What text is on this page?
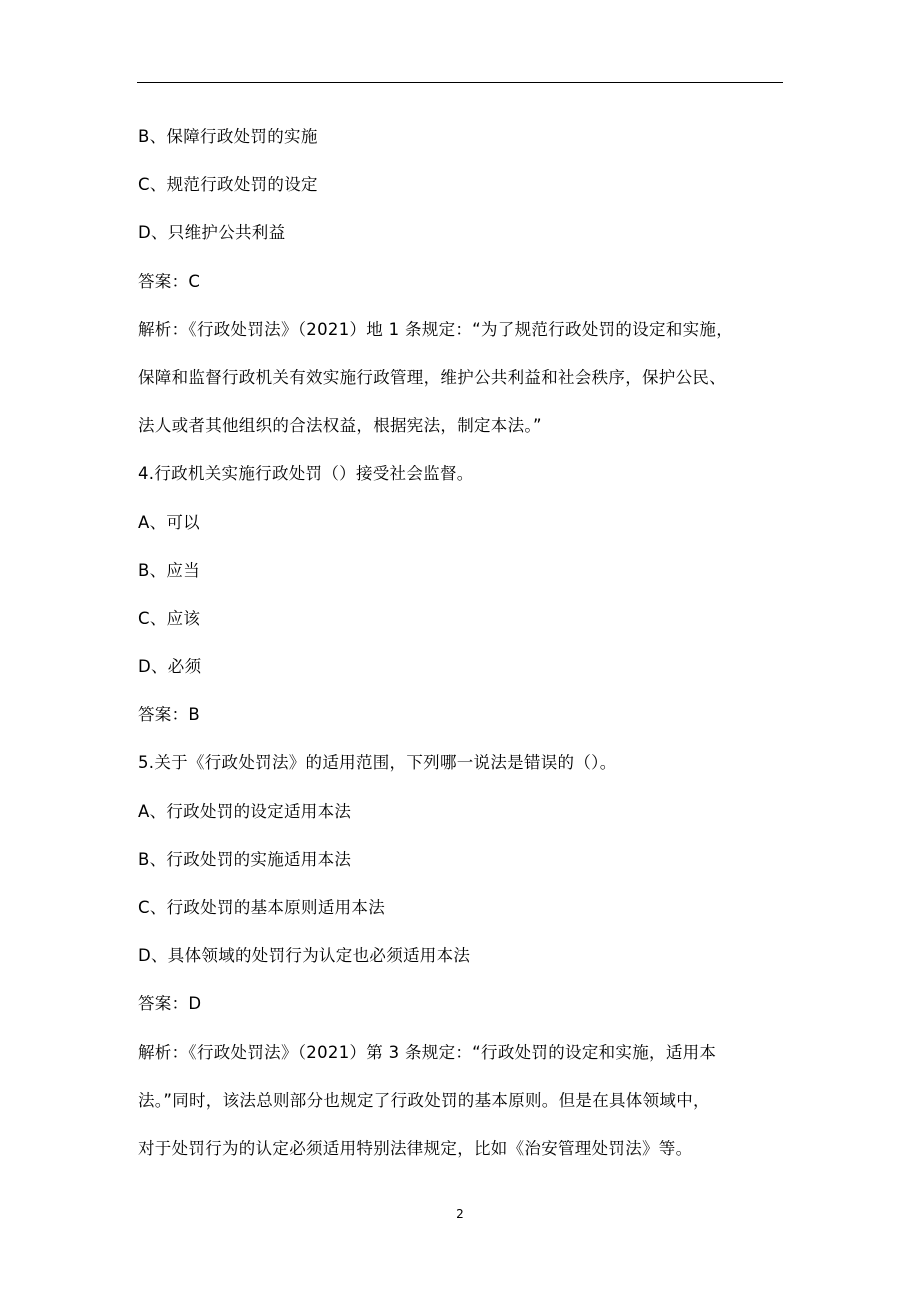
B、保障行政处罚的实施
C、规范行政处罚的设定
D、只维护公共利益
答案：C
解析：《行政处罚法》（2021）地 1 条规定：“为了规范行政处罚的设定和实施，
保障和监督行政机关有效实施行政管理，维护公共利益和社会秩序，保护公民、
法人或者其他组织的合法权益，根据宪法，制定本法。”
4.行政机关实施行政处罚（）接受社会监督。
A、可以
B、应当
C、应该
D、必须
答案：B
5.关于《行政处罚法》的适用范围，下列哪一说法是错误的（）。
A、行政处罚的设定适用本法
B、行政处罚的实施适用本法
C、行政处罚的基本原则适用本法
D、具体领域的处罚行为认定也必须适用本法
答案：D
解析：《行政处罚法》（2021）第 3 条规定：“行政处罚的设定和实施，适用本
法。”同时，该法总则部分也规定了行政处罚的基本原则。但是在具体领域中，
对于处罚行为的认定必须适用特别法律规定，比如《治安管理处罚法》等。
2
